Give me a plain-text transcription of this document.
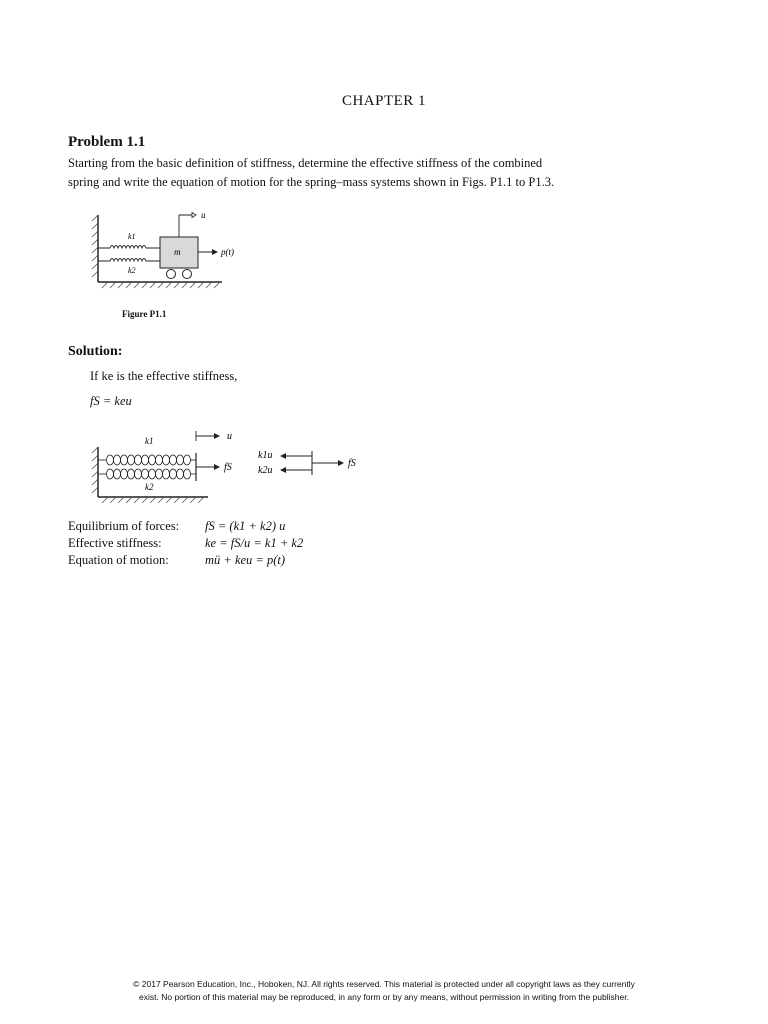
CHAPTER 1
Problem 1.1
Starting from the basic definition of stiffness, determine the effective stiffness of the combined
spring and write the equation of motion for the spring–mass systems shown in Figs. P1.1 to P1.3.
u
k1
k2
m	p(t)
Figure P1.1
Solution:
If ke is the effective stiffness,
fS = keu
u
k1
k2
fS
k1u
k2u
fS
Equilibrium of forces:	fS = (k1 + k2) u
Effective stiffness:	ke = fS/u = k1 + k2
Equation of motion:	mü + keu = p(t)
© 2017 Pearson Education, Inc., Hoboken, NJ. All rights reserved. This material is protected under all copyright laws as they currently
exist. No portion of this material may be reproduced, in any form or by any means, without permission in writing from the publisher.
